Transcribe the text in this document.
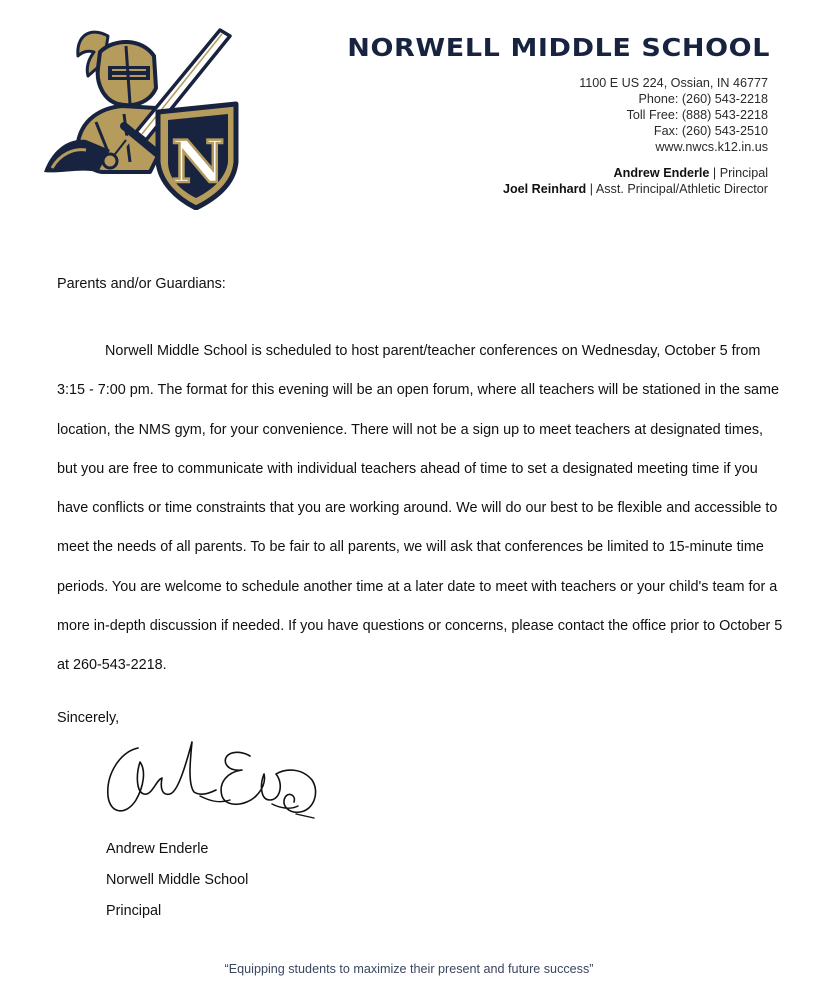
N
NORWELL MIDDLE SCHOOL
1100 E US 224, Ossian, IN 46777
Phone: (260) 543-2218
Toll Free: (888) 543-2218
Fax: (260) 543-2510
www.nwcs.k12.in.us
Andrew Enderle | Principal
Joel Reinhard | Asst. Principal/Athletic Director

Parents and/or Guardians:

Norwell Middle School is scheduled to host parent/teacher conferences on Wednesday, October 5 from 3:15 - 7:00 pm. The format for this evening will be an open forum, where all teachers will be stationed in the same location, the NMS gym, for your convenience. There will not be a sign up to meet teachers at designated times, but you are free to communicate with individual teachers ahead of time to set a designated meeting time if you have conflicts or time constraints that you are working around. We will do our best to be flexible and accessible to meet the needs of all parents. To be fair to all parents, we will ask that conferences be limited to 15-minute time periods. You are welcome to schedule another time at a later date to meet with teachers or your child's team for a more in-depth discussion if needed. If you have questions or concerns, please contact the office prior to October 5 at 260-543-2218.

Sincerely,
Andrew Enderle
Norwell Middle School
Principal
“Equipping students to maximize their present and future success”
